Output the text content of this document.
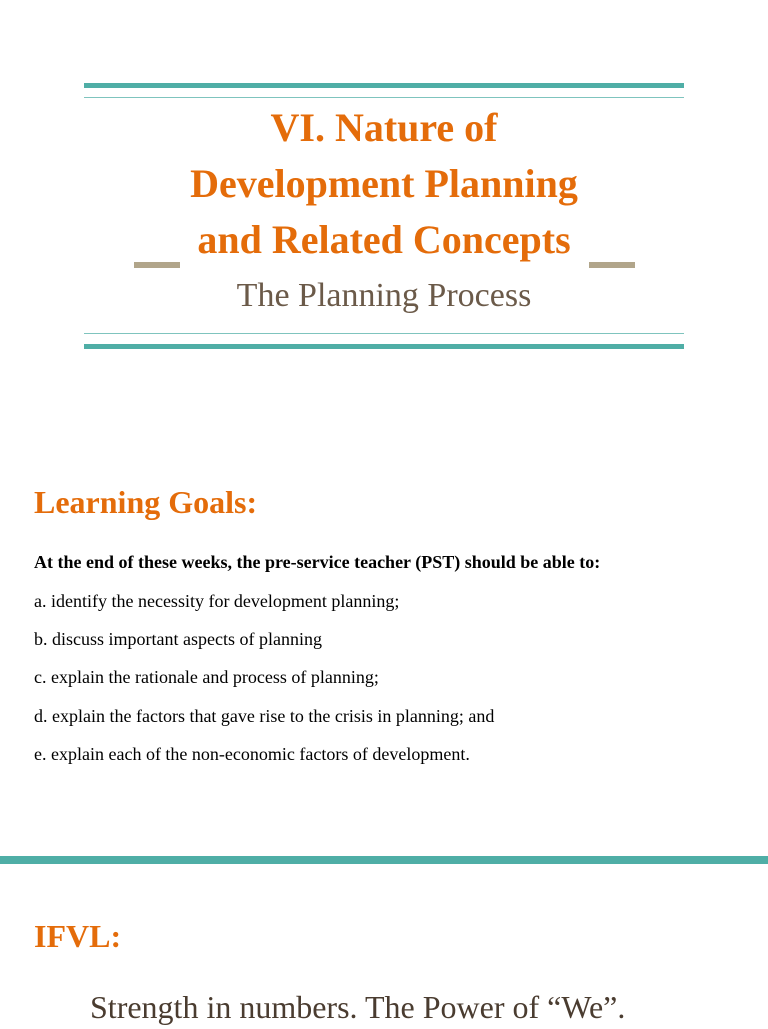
VI. Nature of
Development Planning
and Related Concepts
The Planning Process
Learning Goals:
At the end of these weeks, the pre-service teacher (PST) should be able to:
a. identify the necessity for development planning;
b. discuss important aspects of planning
c. explain the rationale and process of planning;
d. explain the factors that gave rise to the crisis in planning; and
e. explain each of the non-economic factors of development.
IFVL:
Strength in numbers. The Power of “We”.
